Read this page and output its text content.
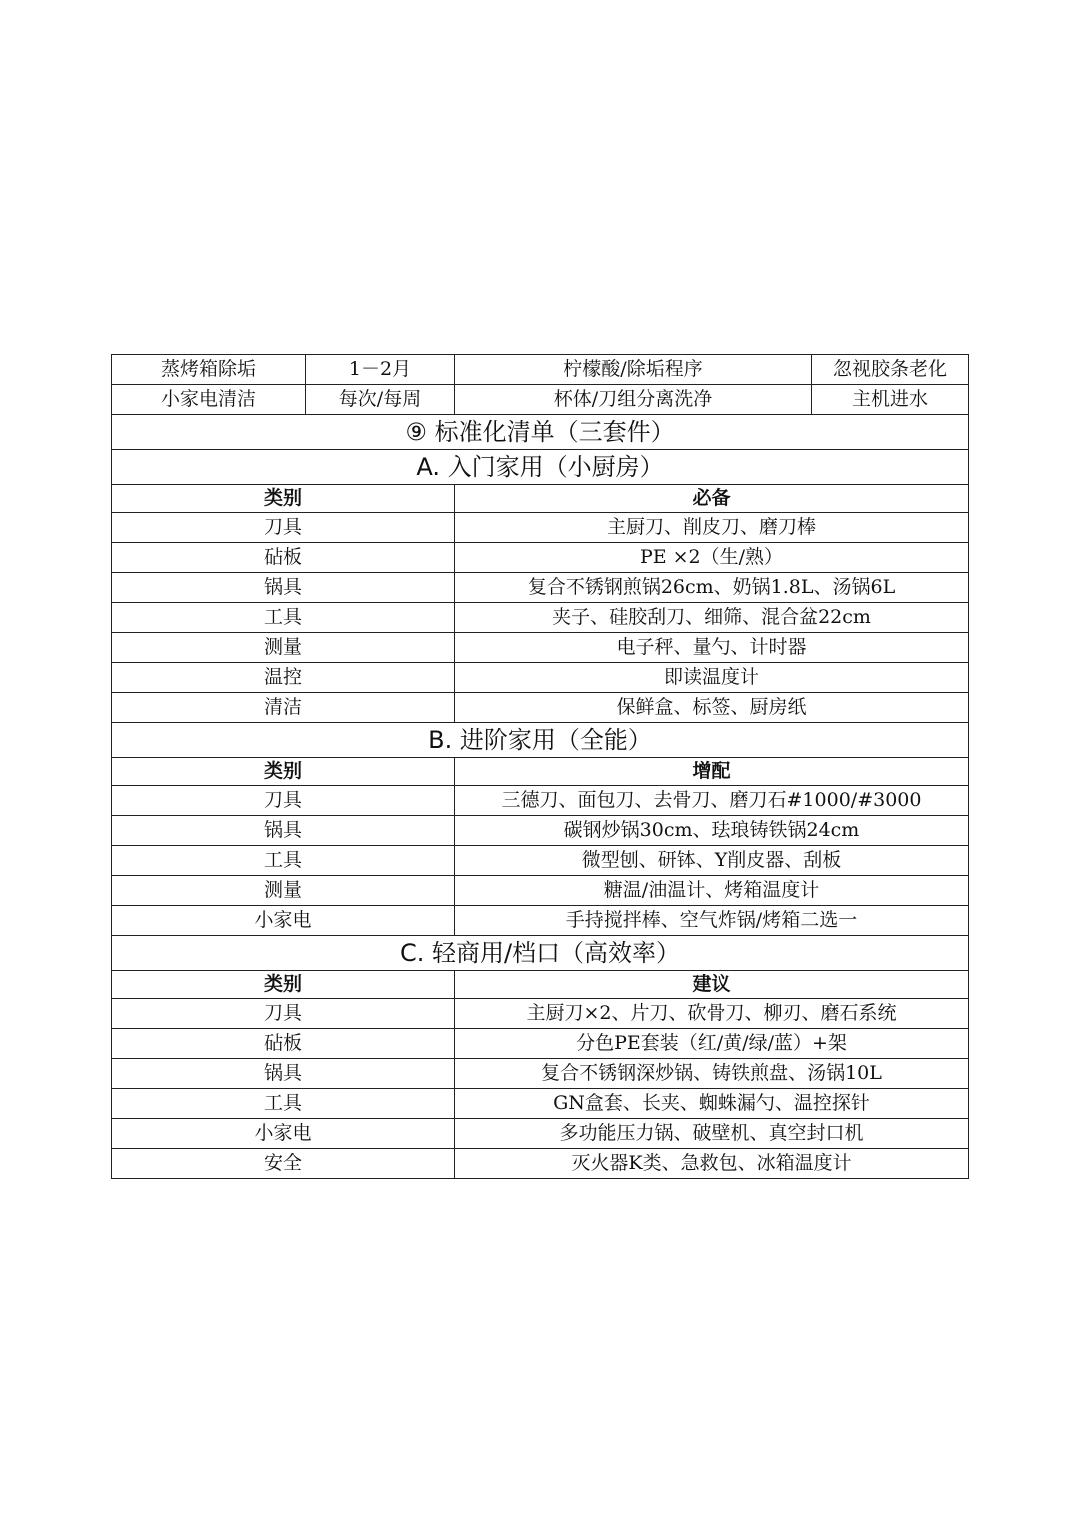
蒸烤箱除垢	1－2月	柠檬酸/除垢程序	忽视胶条老化
小家电清洁	每次/每周	杯体/刀组分离洗净	主机进水
⑨ 标准化清单（三套件）			
A. 入门家用（小厨房）			
类别		必备	
刀具		主厨刀、削皮刀、磨刀棒	
砧板		PE ×2（生/熟）	
锅具		复合不锈钢煎锅26cm、奶锅1.8L、汤锅6L	
工具		夹子、硅胶刮刀、细筛、混合盆22cm	
测量		电子秤、量勺、计时器	
温控		即读温度计	
清洁		保鲜盒、标签、厨房纸	
B. 进阶家用（全能）			
类别		增配	
刀具		三德刀、面包刀、去骨刀、磨刀石#1000/#3000	
锅具		碳钢炒锅30cm、珐琅铸铁锅24cm	
工具		微型刨、研钵、Y削皮器、刮板	
测量		糖温/油温计、烤箱温度计	
小家电		手持搅拌棒、空气炸锅/烤箱二选一	
C. 轻商用/档口（高效率）			
类别		建议	
刀具		主厨刀×2、片刀、砍骨刀、柳刃、磨石系统	
砧板		分色PE套装（红/黄/绿/蓝）+架	
锅具		复合不锈钢深炒锅、铸铁煎盘、汤锅10L	
工具		GN盒套、长夹、蜘蛛漏勺、温控探针	
小家电		多功能压力锅、破壁机、真空封口机	
安全		灭火器K类、急救包、冰箱温度计	
